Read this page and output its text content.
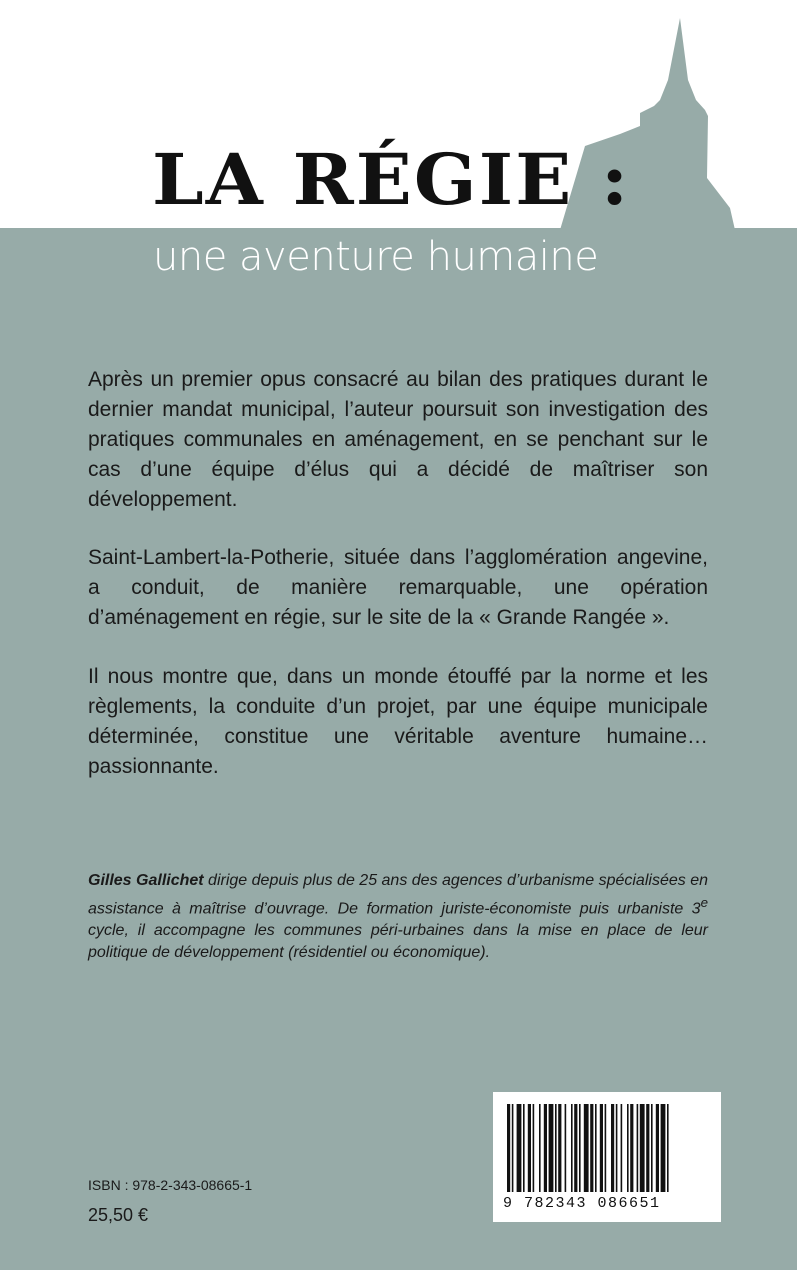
LA RÉGIE :
une aventure humaine

Après un premier opus consacré au bilan des pratiques durant le dernier mandat municipal, l’auteur poursuit son investigation des pratiques communales en aménagement, en se penchant sur le cas d’une équipe d’élus qui a décidé de maîtriser son développement.

Saint-Lambert-la-Potherie, située dans l’agglomération angevine, a conduit, de manière remarquable, une opération d’aménagement en régie, sur le site de la « Grande Rangée ».

Il nous montre que, dans un monde étouffé par la norme et les règlements, la conduite d’un projet, par une équipe municipale déterminée, constitue une véritable aventure humaine… passionnante.

Gilles Gallichet dirige depuis plus de 25 ans des agences d’urbanisme spécialisées en assistance à maîtrise d’ouvrage. De formation juriste-économiste puis urbaniste 3e cycle, il accompagne les communes péri-urbaines dans la mise en place de leur politique de développement (résidentiel ou économique).

ISBN : 978-2-343-08665-1
25,50 €
9 782343 086651
